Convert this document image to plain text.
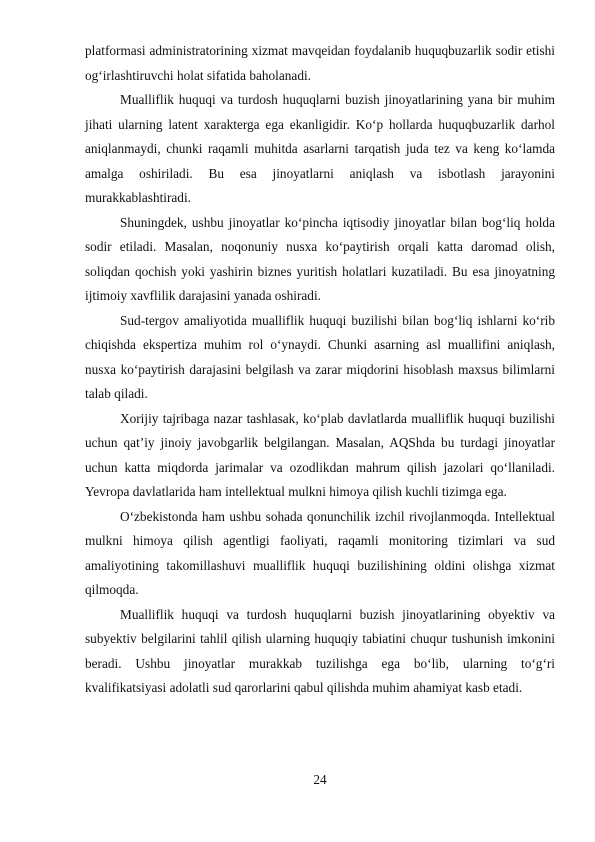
platformasi administratorining xizmat mavqeidan foydalanib huquqbuzarlik sodir etishi og‘irlashtiruvchi holat sifatida baholanadi.

Mualliflik huquqi va turdosh huquqlarni buzish jinoyatlarining yana bir muhim jihati ularning latent xarakterga ega ekanligidir. Ko‘p hollarda huquqbuzarlik darhol aniqlanmaydi, chunki raqamli muhitda asarlarni tarqatish juda tez va keng ko‘lamda amalga oshiriladi. Bu esa jinoyatlarni aniqlash va isbotlash jarayonini murakkablashtiradi.

Shuningdek, ushbu jinoyatlar ko‘pincha iqtisodiy jinoyatlar bilan bog‘liq holda sodir etiladi. Masalan, noqonuniy nusxa ko‘paytirish orqali katta daromad olish, soliqdan qochish yoki yashirin biznes yuritish holatlari kuzatiladi. Bu esa jinoyatning ijtimoiy xavflilik darajasini yanada oshiradi.

Sud-tergov amaliyotida mualliflik huquqi buzilishi bilan bog‘liq ishlarni ko‘rib chiqishda ekspertiza muhim rol o‘ynaydi. Chunki asarning asl muallifini aniqlash, nusxa ko‘paytirish darajasini belgilash va zarar miqdorini hisoblash maxsus bilimlarni talab qiladi.

Xorijiy tajribaga nazar tashlasak, ko‘plab davlatlarda mualliflik huquqi buzilishi uchun qat’iy jinoiy javobgarlik belgilangan. Masalan, AQShda bu turdagi jinoyatlar uchun katta miqdorda jarimalar va ozodlikdan mahrum qilish jazolari qo‘llaniladi. Yevropa davlatlarida ham intellektual mulkni himoya qilish kuchli tizimga ega.

O‘zbekistonda ham ushbu sohada qonunchilik izchil rivojlanmoqda. Intellektual mulkni himoya qilish agentligi faoliyati, raqamli monitoring tizimlari va sud amaliyotining takomillashuvi mualliflik huquqi buzilishining oldini olishga xizmat qilmoqda.

Mualliflik huquqi va turdosh huquqlarni buzish jinoyatlarining obyektiv va subyektiv belgilarini tahlil qilish ularning huquqiy tabiatini chuqur tushunish imkonini beradi. Ushbu jinoyatlar murakkab tuzilishga ega bo‘lib, ularning to‘g‘ri kvalifikatsiyasi adolatli sud qarorlarini qabul qilishda muhim ahamiyat kasb etadi.

24
